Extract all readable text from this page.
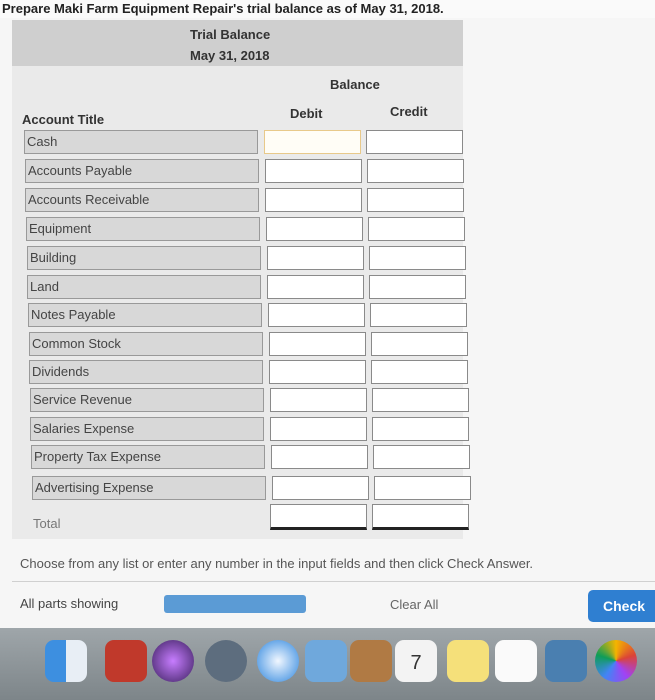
Prepare Maki Farm Equipment Repair's trial balance as of May 31, 2018.
Trial Balance
May 31, 2018
Balance
Account Title	Debit	Credit
Cash
Accounts Payable
Accounts Receivable
Equipment
Building
Land
Notes Payable
Common Stock
Dividends
Service Revenue
Salaries Expense
Property Tax Expense
Advertising Expense
Total
Choose from any list or enter any number in the input fields and then click Check Answer.
All parts showing	Clear All	Check
7
